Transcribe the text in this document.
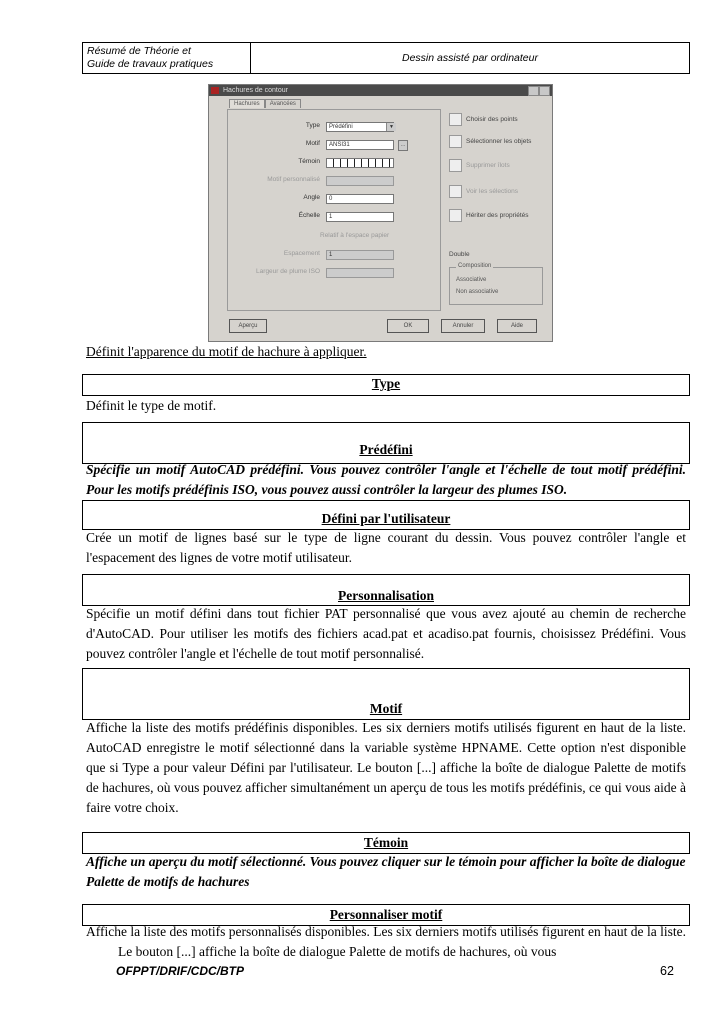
Résumé de Théorie et
Guide de travaux pratiques	Dessin assisté par ordinateur
Hachures de contour
Hachures	Avancées
Type	Prédéfini	▼
Motif	ANSI31	…
Témoin
Motif personnalisé
Angle	0
Échelle	1
Relatif à l'espace papier
Espacement	1
Largeur de plume ISO
Choisir des points
Sélectionner les objets
Supprimer îlots
Voir les sélections
Hériter des propriétés
Double
Composition
Associative
Non associative
Aperçu	OK	Annuler	Aide
Définit l'apparence du motif de hachure à appliquer.
Type
Définit le type de motif.
Prédéfini
Spécifie un motif AutoCAD prédéfini. Vous pouvez contrôler l'angle et l'échelle de tout motif prédéfini. Pour les motifs prédéfinis ISO, vous pouvez aussi contrôler la largeur des plumes ISO.
Défini par l'utilisateur
Crée un motif de lignes basé sur le type de ligne courant du dessin. Vous pouvez contrôler l'angle et l'espacement des lignes de votre motif utilisateur.
Personnalisation
Spécifie un motif défini dans tout fichier PAT personnalisé que vous avez ajouté au chemin de recherche d'AutoCAD. Pour utiliser les motifs des fichiers acad.pat et acadiso.pat fournis, choisissez Prédéfini. Vous pouvez contrôler l'angle et l'échelle de tout motif personnalisé.
Motif
Affiche la liste des motifs prédéfinis disponibles. Les six derniers motifs utilisés figurent en haut de la liste. AutoCAD enregistre le motif sélectionné dans la variable système HPNAME. Cette option n'est disponible que si Type a pour valeur Défini par l'utilisateur. Le bouton [...] affiche la boîte de dialogue Palette de motifs de hachures, où vous pouvez afficher simultanément un aperçu de tous les motifs prédéfinis, ce qui vous aide à faire votre choix.
Témoin
Affiche un aperçu du motif sélectionné. Vous pouvez cliquer sur le témoin pour afficher la boîte de dialogue Palette de motifs de hachures
Personnaliser motif
Affiche la liste des motifs personnalisés disponibles. Les six derniers motifs utilisés figurent en haut de la liste. Le bouton [...] affiche la boîte de dialogue Palette de motifs de hachures, où vous
OFPPT/DRIF/CDC/BTP	62
